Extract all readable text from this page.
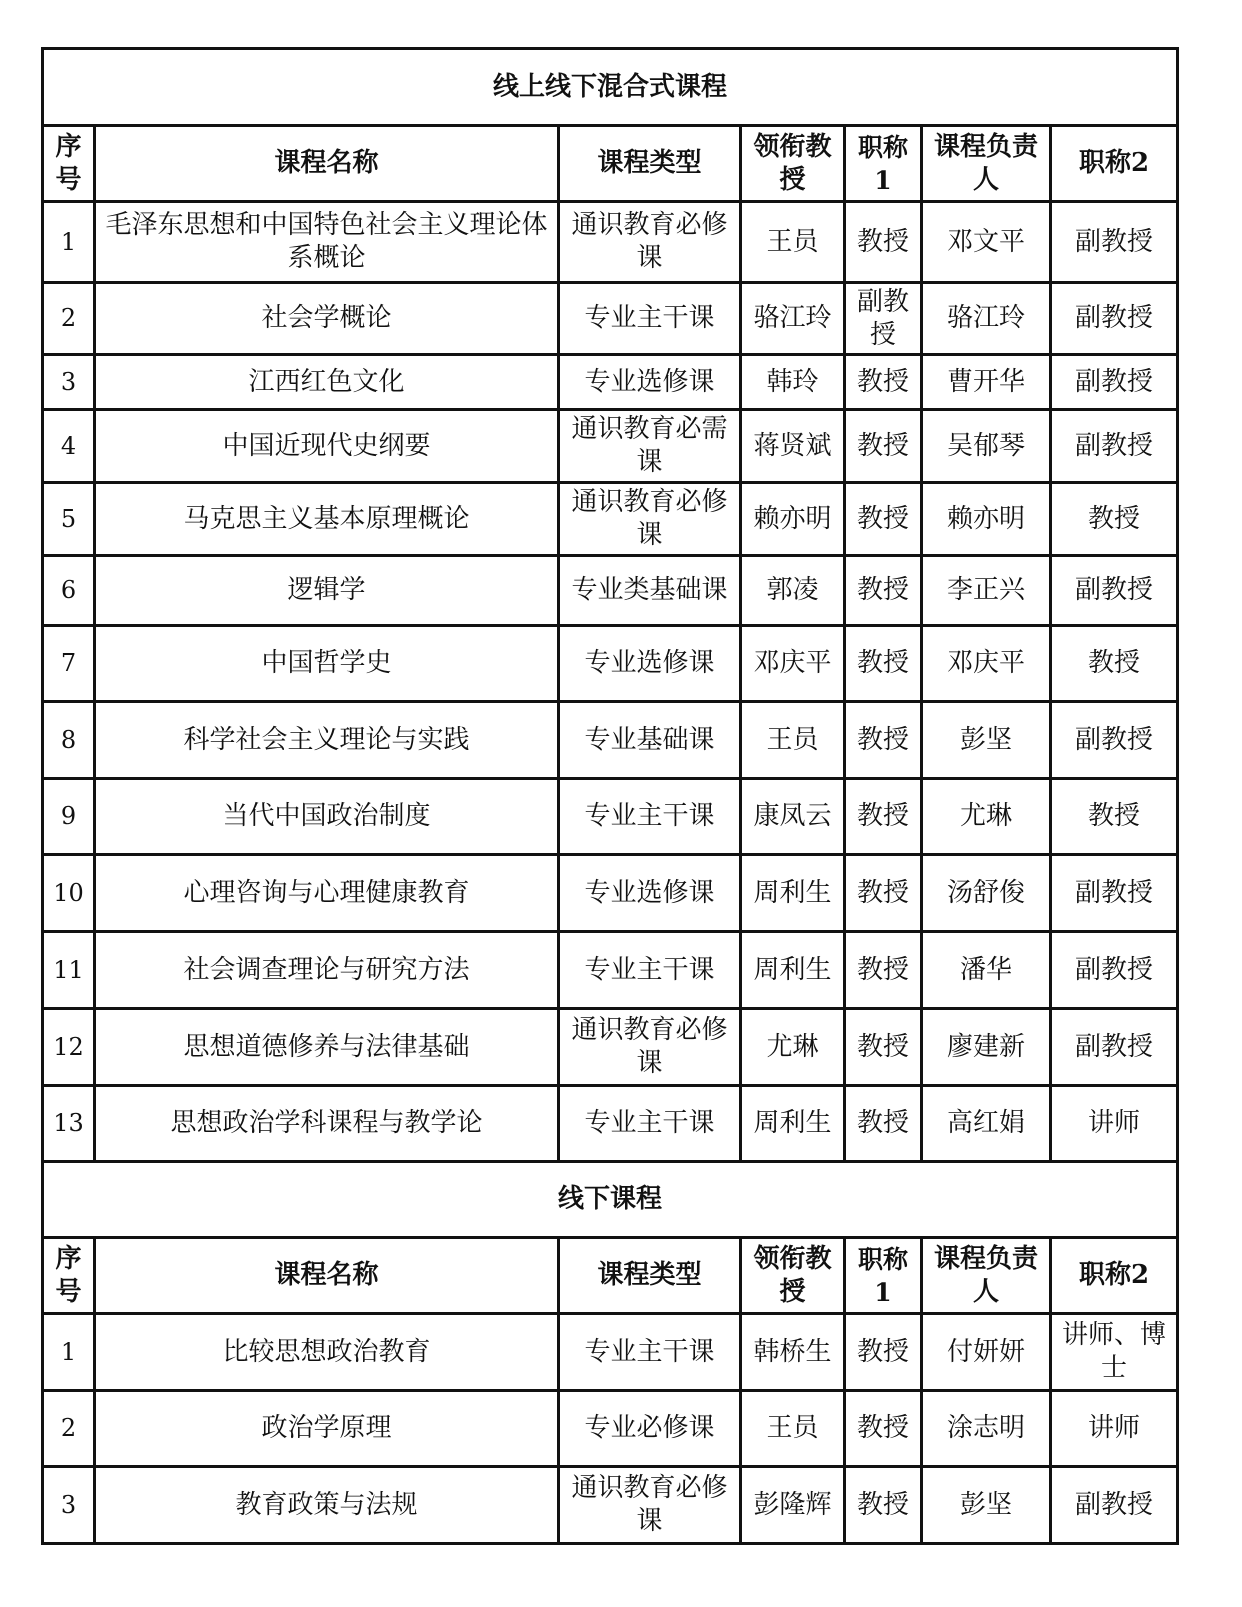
线上线下混合式课程						
序号	课程名称	课程类型	领衔教授	职称1	课程负责人	职称2
1	毛泽东思想和中国特色社会主义理论体系概论	通识教育必修课	王员	教授	邓文平	副教授
2	社会学概论	专业主干课	骆江玲	副教授	骆江玲	副教授
3	江西红色文化	专业选修课	韩玲	教授	曹开华	副教授
4	中国近现代史纲要	通识教育必需课	蒋贤斌	教授	吴郁琴	副教授
5	马克思主义基本原理概论	通识教育必修课	赖亦明	教授	赖亦明	教授
6	逻辑学	专业类基础课	郭凌	教授	李正兴	副教授
7	中国哲学史	专业选修课	邓庆平	教授	邓庆平	教授
8	科学社会主义理论与实践	专业基础课	王员	教授	彭坚	副教授
9	当代中国政治制度	专业主干课	康凤云	教授	尤琳	教授
10	心理咨询与心理健康教育	专业选修课	周利生	教授	汤舒俊	副教授
11	社会调查理论与研究方法	专业主干课	周利生	教授	潘华	副教授
12	思想道德修养与法律基础	通识教育必修课	尤琳	教授	廖建新	副教授
13	思想政治学科课程与教学论	专业主干课	周利生	教授	高红娟	讲师
线下课程						
序号	课程名称	课程类型	领衔教授	职称1	课程负责人	职称2
1	比较思想政治教育	专业主干课	韩桥生	教授	付妍妍	讲师、博士
2	政治学原理	专业必修课	王员	教授	涂志明	讲师
3	教育政策与法规	通识教育必修课	彭隆辉	教授	彭坚	副教授
